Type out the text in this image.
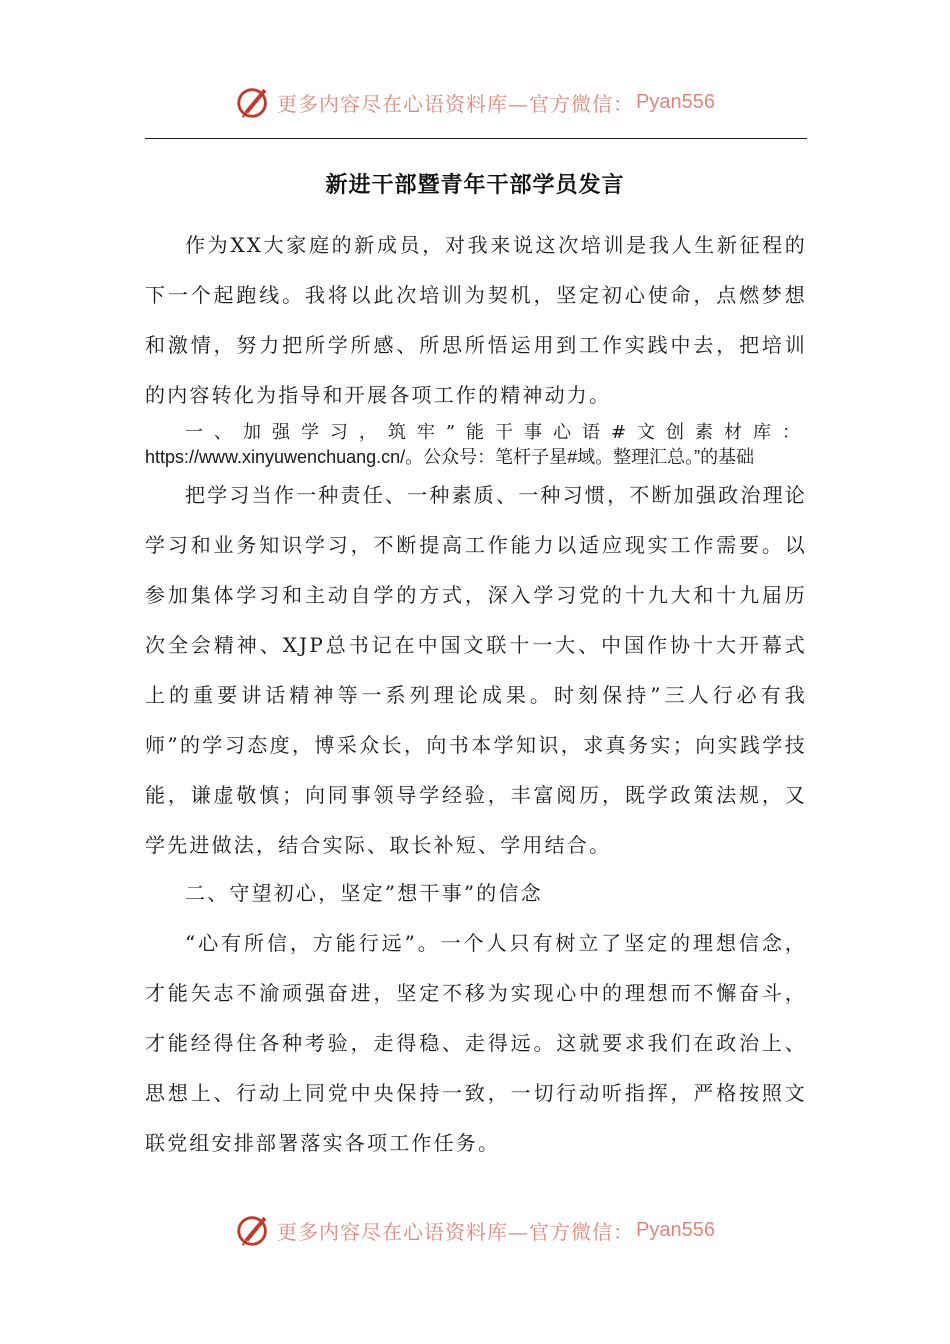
更多内容尽在心语资料库—官方微信： Pyan556
新进干部暨青年干部学员发言

作为XX大家庭的新成员，对我来说这次培训是我人生新征程的下一个起跑线。我将以此次培训为契机，坚定初心使命，点燃梦想和激情，努力把所学所感、所思所悟运用到工作实践中去，把培训的内容转化为指导和开展各项工作的精神动力。

一、加强学习，筑牢”能干事心语#文创素材库：https://www.xinyuwenchuang.cn/。公众号：笔杆子星#域。整理汇总。”的基础

把学习当作一种责任、一种素质、一种习惯，不断加强政治理论学习和业务知识学习，不断提高工作能力以适应现实工作需要。以参加集体学习和主动自学的方式，深入学习党的十九大和十九届历次全会精神、XJP总书记在中国文联十一大、中国作协十大开幕式上的重要讲话精神等一系列理论成果。时刻保持”三人行必有我师”的学习态度，博采众长，向书本学知识，求真务实；向实践学技能，谦虚敬慎；向同事领导学经验，丰富阅历，既学政策法规，又学先进做法，结合实际、取长补短、学用结合。

二、守望初心，坚定”想干事”的信念

“心有所信，方能行远”。一个人只有树立了坚定的理想信念，才能矢志不渝顽强奋进，坚定不移为实现心中的理想而不懈奋斗，才能经得住各种考验，走得稳、走得远。这就要求我们在政治上、思想上、行动上同党中央保持一致，一切行动听指挥，严格按照文联党组安排部署落实各项工作任务。

更多内容尽在心语资料库—官方微信： Pyan556
